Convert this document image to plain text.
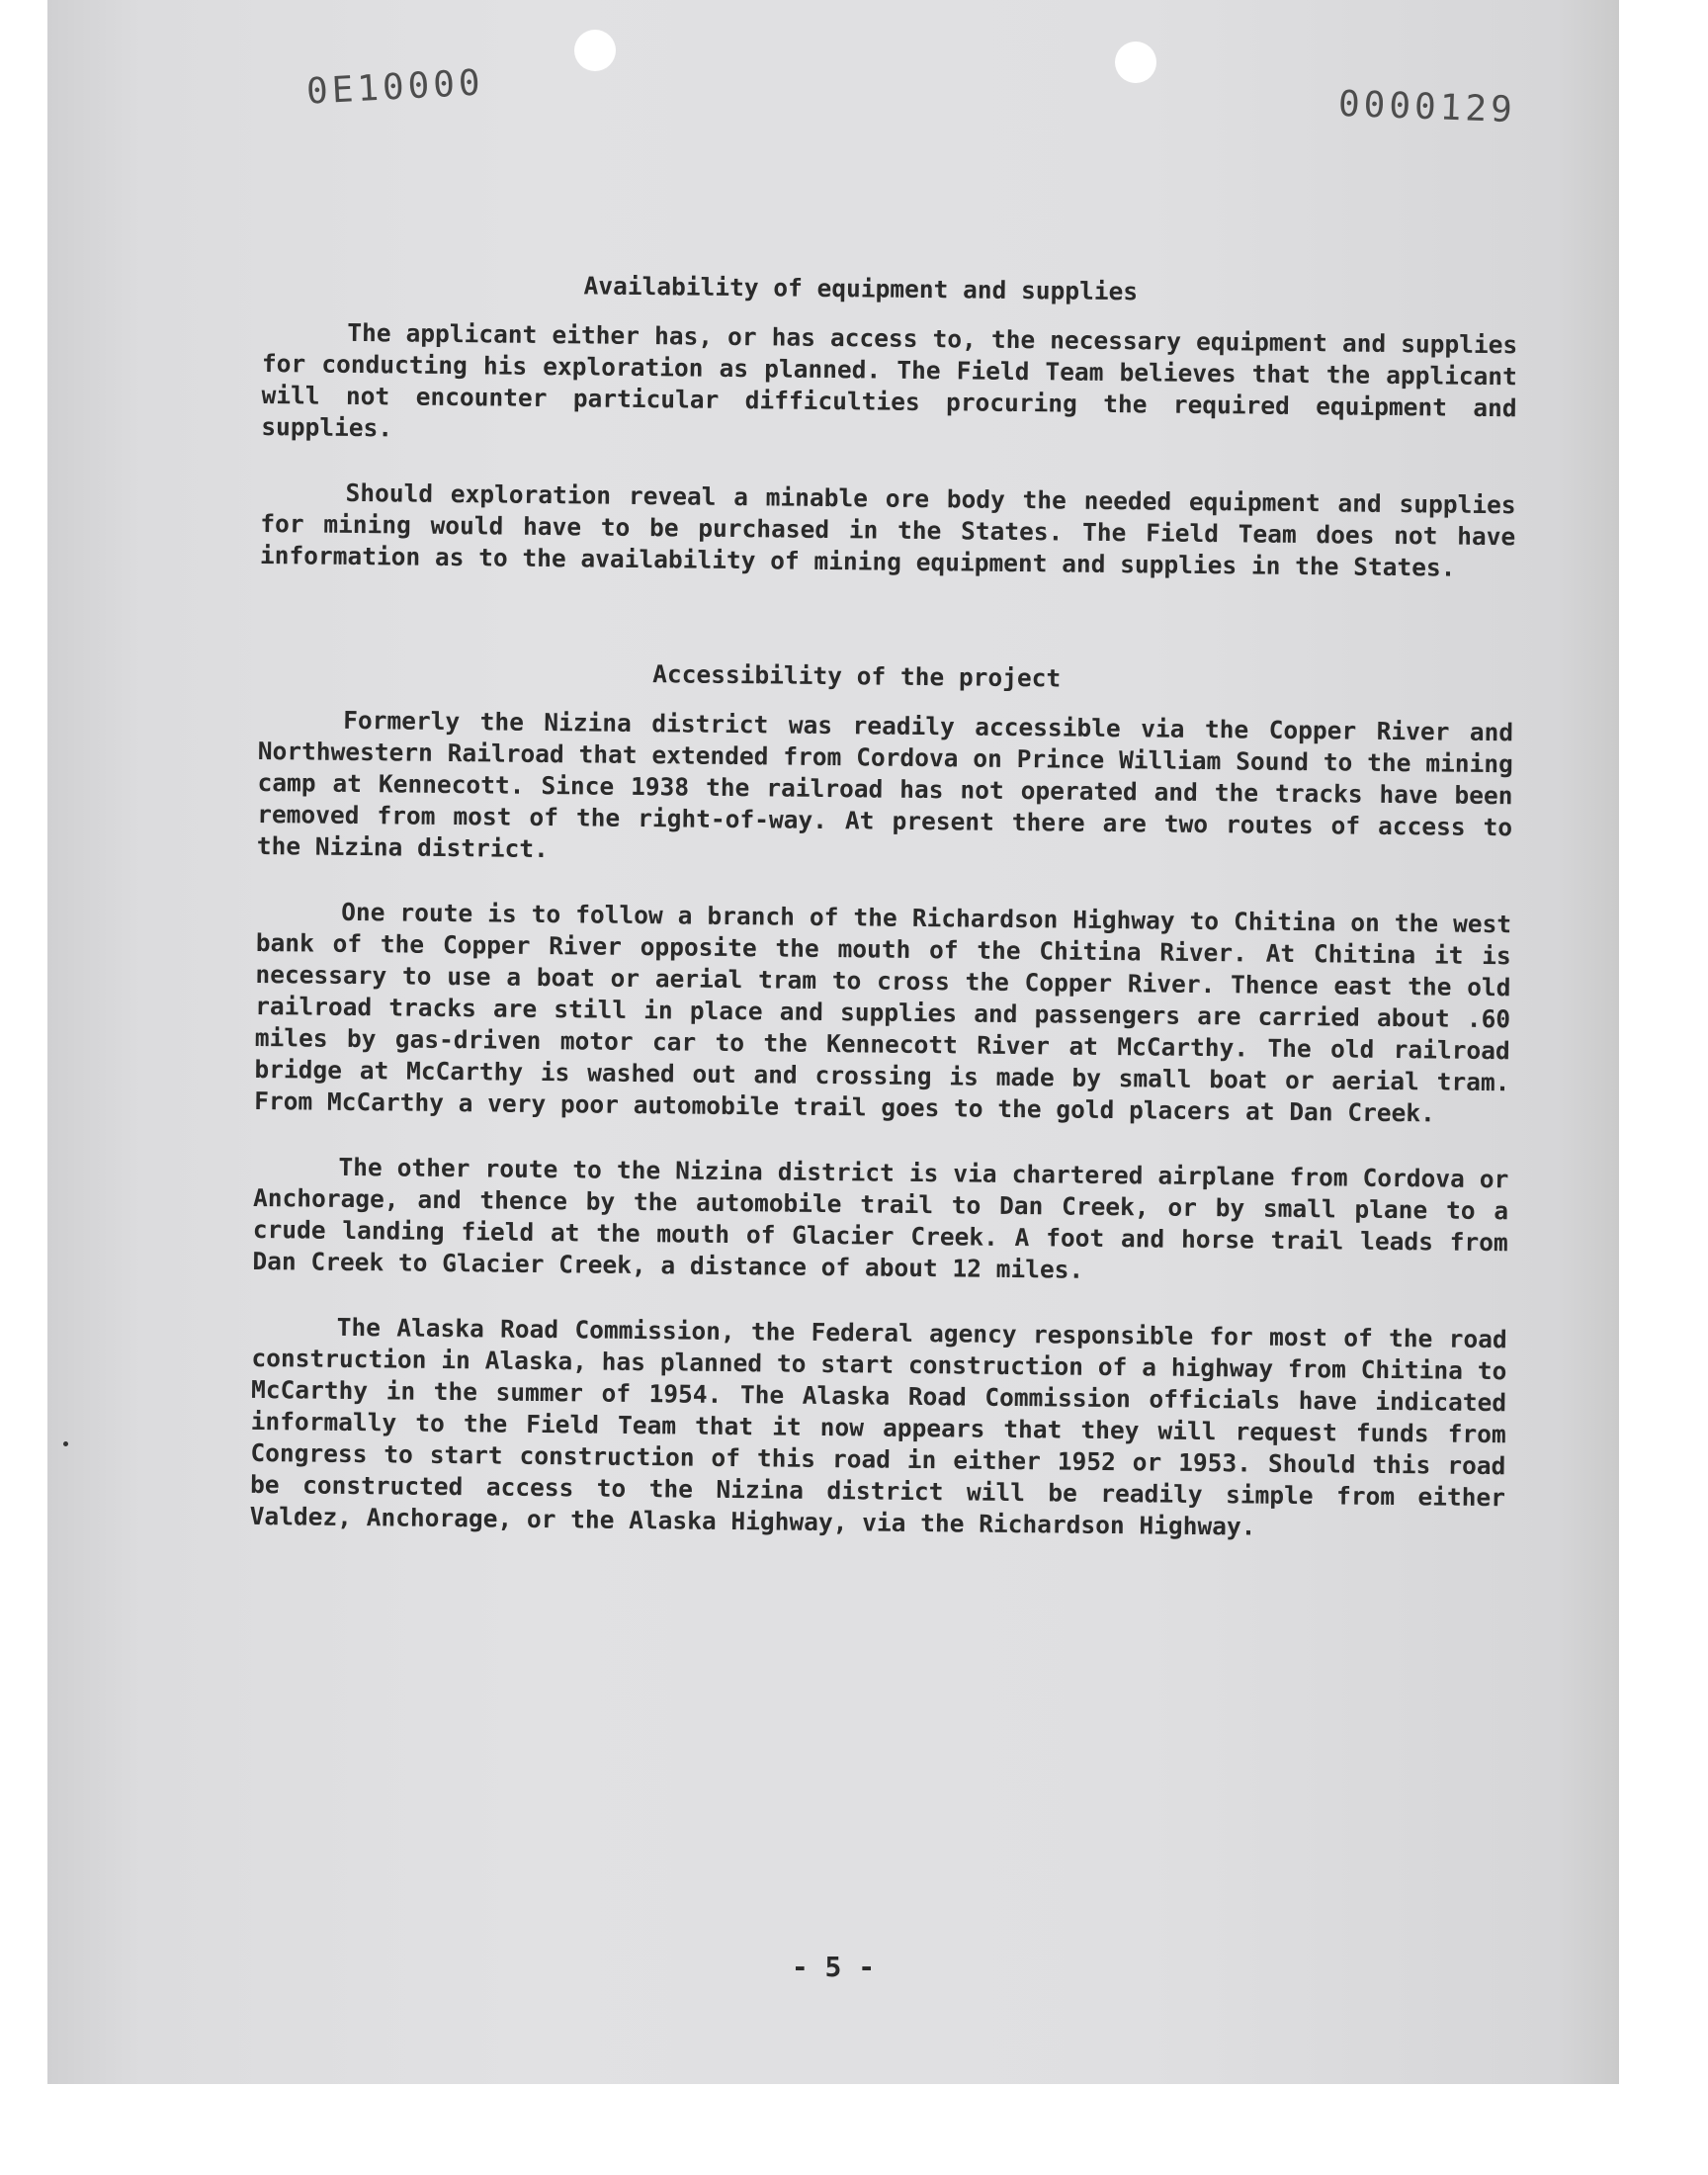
0E10000	0000129
Availability of equipment and supplies

The applicant either has, or has access to, the necessary equipment and supplies for conducting his exploration as planned. The Field Team believes that the applicant will not encounter particular difficulties procuring the required equipment and supplies.

Should exploration reveal a minable ore body the needed equipment and supplies for mining would have to be purchased in the States. The Field Team does not have information as to the availability of mining equipment and supplies in the States.

Accessibility of the project

Formerly the Nizina district was readily accessible via the Copper River and Northwestern Railroad that extended from Cordova on Prince William Sound to the mining camp at Kennecott. Since 1938 the railroad has not operated and the tracks have been removed from most of the right-of-way. At present there are two routes of access to the Nizina district.

One route is to follow a branch of the Richardson Highway to Chitina on the west bank of the Copper River opposite the mouth of the Chitina River. At Chitina it is necessary to use a boat or aerial tram to cross the Copper River. Thence east the old railroad tracks are still in place and supplies and passengers are carried about .60 miles by gas-driven motor car to the Kennecott River at McCarthy. The old railroad bridge at McCarthy is washed out and crossing is made by small boat or aerial tram. From McCarthy a very poor automobile trail goes to the gold placers at Dan Creek.

The other route to the Nizina district is via chartered airplane from Cordova or Anchorage, and thence by the automobile trail to Dan Creek, or by small plane to a crude landing field at the mouth of Glacier Creek. A foot and horse trail leads from Dan Creek to Glacier Creek, a distance of about 12 miles.

The Alaska Road Commission, the Federal agency responsible for most of the road construction in Alaska, has planned to start construction of a highway from Chitina to McCarthy in the summer of 1954. The Alaska Road Commission officials have indicated informally to the Field Team that it now appears that they will request funds from Congress to start construction of this road in either 1952 or 1953. Should this road be constructed access to the Nizina district will be readily simple from either Valdez, Anchorage, or the Alaska Highway, via the Richardson Highway.

- 5 -
